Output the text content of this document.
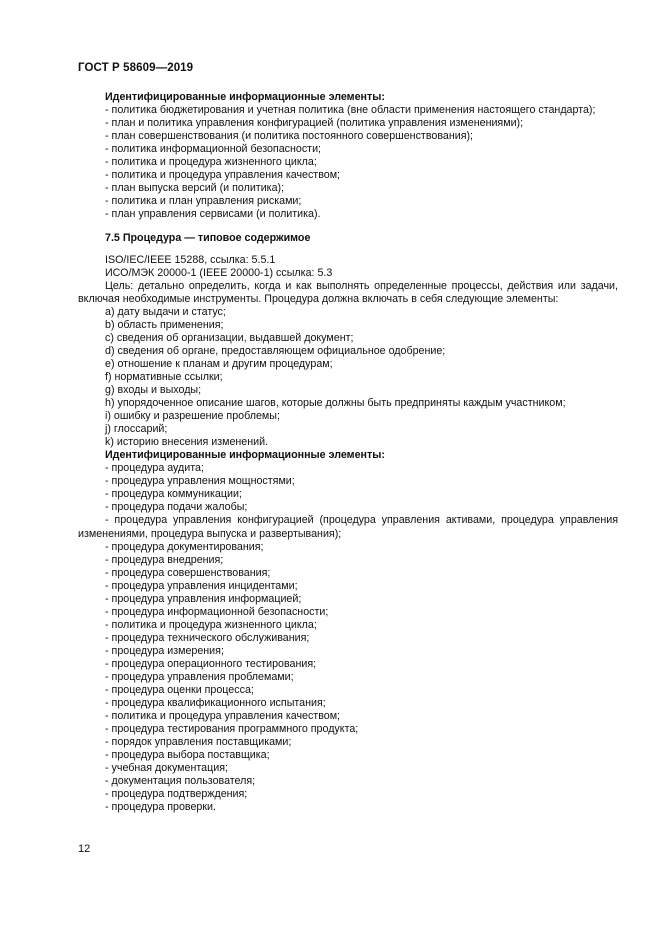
ГОСТ Р 58609—2019
Идентифицированные информационные элементы:
- политика бюджетирования и учетная политика (вне области применения настоящего стандарта);
- план и политика управления конфигурацией (политика управления изменениями);
- план совершенствования (и политика постоянного совершенствования);
- политика информационной безопасности;
- политика и процедура жизненного цикла;
- политика и процедура управления качеством;
- план выпуска версий (и политика);
- политика и план управления рисками;
- план управления сервисами (и политика).
7.5 Процедура — типовое содержимое
ISO/IEC/IEEE 15288, ссылка: 5.5.1
ИСО/МЭК 20000-1 (IEEE 20000-1) ссылка: 5.3
Цель: детально определить, когда и как выполнять определенные процессы, действия или задачи, включая необходимые инструменты. Процедура должна включать в себя следующие элементы:
a) дату выдачи и статус;
b) область применения;
c) сведения об организации, выдавшей документ;
d) сведения об органе, предоставляющем официальное одобрение;
e) отношение к планам и другим процедурам;
f) нормативные ссылки;
g) входы и выходы;
h) упорядоченное описание шагов, которые должны быть предприняты каждым участником;
i) ошибку и разрешение проблемы;
j) глоссарий;
k) историю внесения изменений.
Идентифицированные информационные элементы:
- процедура аудита;
- процедура управления мощностями;
- процедура коммуникации;
- процедура подачи жалобы;
- процедура управления конфигурацией (процедура управления активами, процедура управления изменениями, процедура выпуска и развертывания);
- процедура документирования;
- процедура внедрения;
- процедура совершенствования;
- процедура управления инцидентами;
- процедура управления информацией;
- процедура информационной безопасности;
- политика и процедура жизненного цикла;
- процедура технического обслуживания;
- процедура измерения;
- процедура операционного тестирования;
- процедура управления проблемами;
- процедура оценки процесса;
- процедура квалификационного испытания;
- политика и процедура управления качеством;
- процедура тестирования программного продукта;
- порядок управления поставщиками;
- процедура выбора поставщика;
- учебная документация;
- документация пользователя;
- процедура подтверждения;
- процедура проверки.
12
